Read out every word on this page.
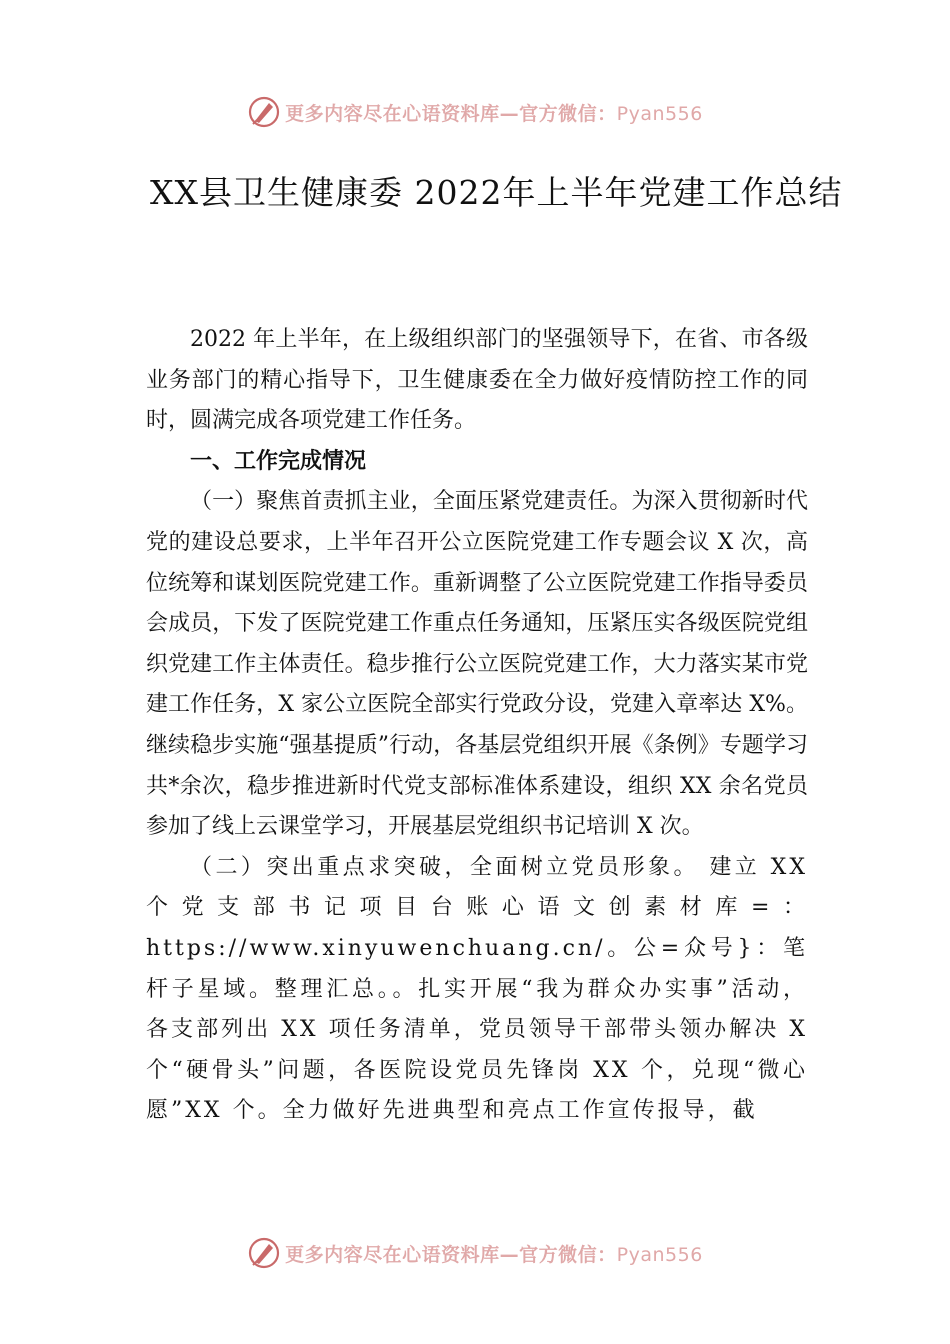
更多内容尽在心语资料库—官方微信：Pyan556
XX县卫生健康委 2022年上半年党建工作总结

2022 年上半年，在上级组织部门的坚强领导下，在省、市各级业务部门的精心指导下，卫生健康委在全力做好疫情防控工作的同时，圆满完成各项党建工作任务。

一、工作完成情况

（一）聚焦首责抓主业，全面压紧党建责任。为深入贯彻新时代党的建设总要求，上半年召开公立医院党建工作专题会议 X 次，高位统筹和谋划医院党建工作。重新调整了公立医院党建工作指导委员会成员，下发了医院党建工作重点任务通知，压紧压实各级医院党组织党建工作主体责任。稳步推行公立医院党建工作，大力落实某市党建工作任务，X 家公立医院全部实行党政分设，党建入章率达 X%。继续稳步实施“强基提质”行动，各基层党组织开展《条例》专题学习共*余次，稳步推进新时代党支部标准体系建设，组织 XX 余名党员参加了线上云课堂学习，开展基层党组织书记培训 X 次。

（二）突出重点求突破，全面树立党员形象。 建立 XX 个党支部书记项目台账心语文创素材库=：https://www.xinyuwenchuang.cn/。公=众号}：笔杆子星域。整理汇总。。扎实开展“我为群众办实事”活动， 各支部列出 XX 项任务清单，党员领导干部带头领办解决 X 个“硬骨头”问题，各医院设党员先锋岗 XX 个，兑现“微心愿”XX 个。全力做好先进典型和亮点工作宣传报导，截

更多内容尽在心语资料库—官方微信：Pyan556
